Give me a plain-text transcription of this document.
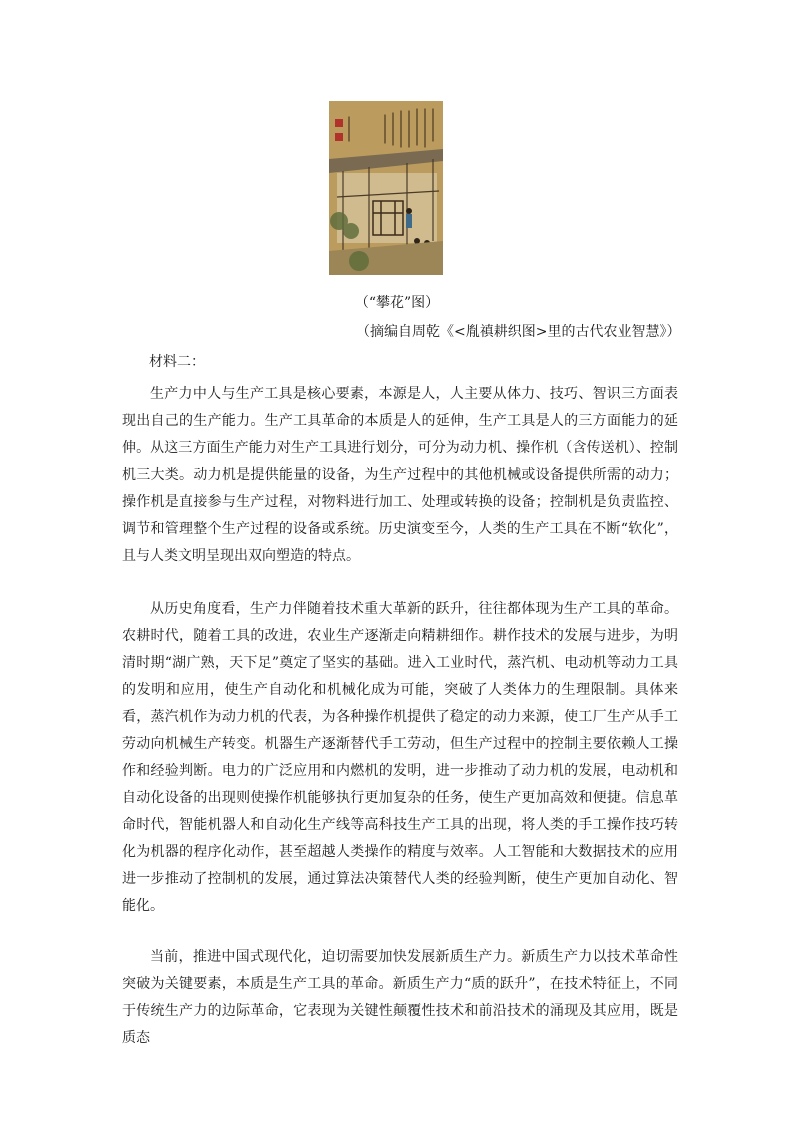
（“攀花”图）
（摘编自周乾《<胤禛耕织图>里的古代农业智慧》）
材料二：

生产力中人与生产工具是核心要素，本源是人，人主要从体力、技巧、智识三方面表现出自己的生产能力。生产工具革命的本质是人的延伸，生产工具是人的三方面能力的延伸。从这三方面生产能力对生产工具进行划分，可分为动力机、操作机（含传送机）、控制机三大类。动力机是提供能量的设备，为生产过程中的其他机械或设备提供所需的动力；操作机是直接参与生产过程，对物料进行加工、处理或转换的设备；控制机是负责监控、调节和管理整个生产过程的设备或系统。历史演变至今，人类的生产工具在不断“软化”，且与人类文明呈现出双向塑造的特点。

从历史角度看，生产力伴随着技术重大革新的跃升，往往都体现为生产工具的革命。农耕时代，随着工具的改进，农业生产逐渐走向精耕细作。耕作技术的发展与进步，为明清时期“湖广熟，天下足”奠定了坚实的基础。进入工业时代，蒸汽机、电动机等动力工具的发明和应用，使生产自动化和机械化成为可能，突破了人类体力的生理限制。具体来看，蒸汽机作为动力机的代表，为各种操作机提供了稳定的动力来源，使工厂生产从手工劳动向机械生产转变。机器生产逐渐替代手工劳动，但生产过程中的控制主要依赖人工操作和经验判断。电力的广泛应用和内燃机的发明，进一步推动了动力机的发展，电动机和自动化设备的出现则使操作机能够执行更加复杂的任务，使生产更加高效和便捷。信息革命时代，智能机器人和自动化生产线等高科技生产工具的出现，将人类的手工操作技巧转化为机器的程序化动作，甚至超越人类操作的精度与效率。人工智能和大数据技术的应用进一步推动了控制机的发展，通过算法决策替代人类的经验判断，使生产更加自动化、智能化。

当前，推进中国式现代化，迫切需要加快发展新质生产力。新质生产力以技术革命性突破为关键要素，本质是生产工具的革命。新质生产力“质的跃升”，在技术特征上，不同于传统生产力的边际革命，它表现为关键性颠覆性技术和前沿技术的涌现及其应用，既是质态
